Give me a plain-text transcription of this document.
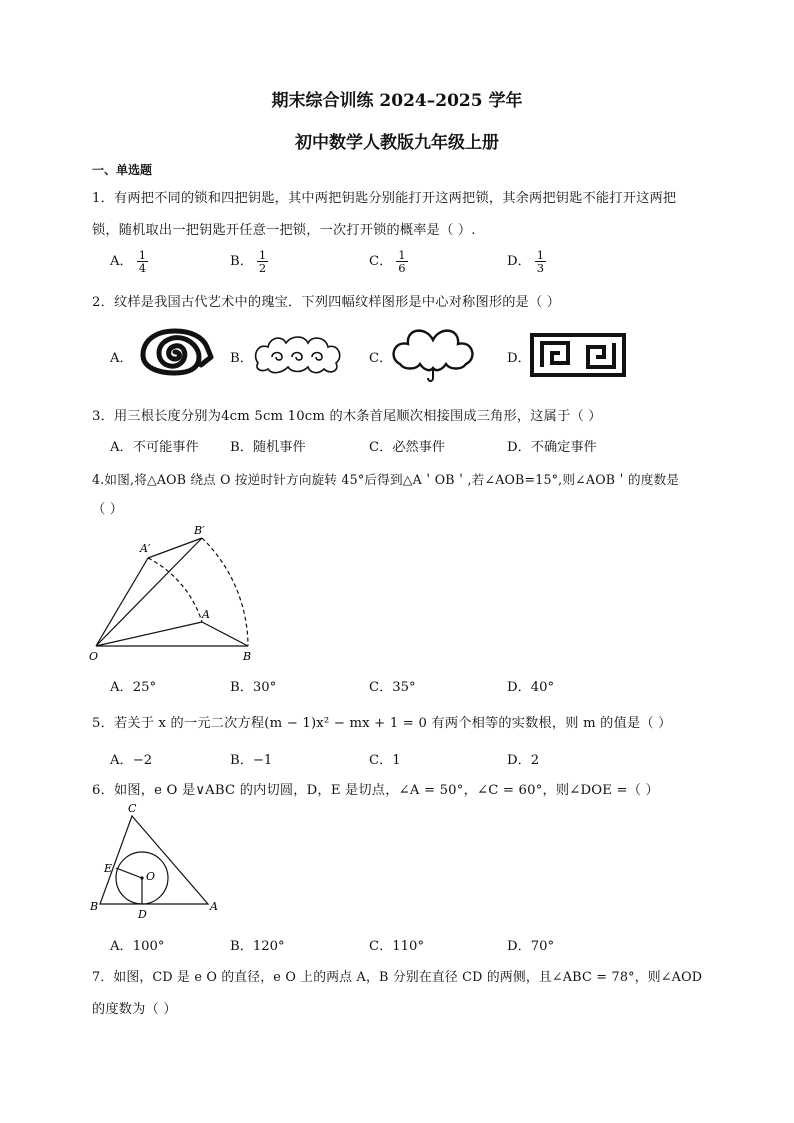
期末综合训练 2024–2025 学年
初中数学人教版九年级上册
一、单选题
1．有两把不同的锁和四把钥匙，其中两把钥匙分别能打开这两把锁，其余两把钥匙不能打开这两把
锁，随机取出一把钥匙开任意一把锁，一次打开锁的概率是（ ）.
A． $\frac{1}{4}$	B． $\frac{1}{2}$	C． $\frac{1}{6}$	D． $\frac{1}{3}$
2．纹样是我国古代艺术中的瑰宝．下列四幅纹样图形是中心对称图形的是（ ）
A．	B．	C．	D．
3．用三根长度分别为4cm 5cm 10cm 的木条首尾顺次相接围成三角形，这属于（ ）
A．不可能事件 B．随机事件	C．必然事件	D．不确定事件
4.如图,将△AOB 绕点 O 按逆时针方向旋转 45°后得到△A＇OB＇,若∠AOB=15°,则∠AOB＇的度数是
（ ）
A′
B′
A
O	B
A．25°	B．30°	C．35°	D．40°
5．若关于 x 的一元二次方程(m − 1)x² − mx + 1 = 0 有两个相等的实数根，则 m 的值是（ ）
A．−2	B．−1	C．1	D．2
6．如图，e O 是∨ABC 的内切圆，D，E 是切点，∠A = 50°，∠C = 60°，则∠DOE =（ ）
C
E
O
B
D
A
A．100°	B．120°	C．110°	D．70°
7．如图，CD 是 e O 的直径，e O 上的两点 A，B 分别在直径 CD 的两侧，且∠ABC = 78°，则∠AOD
的度数为（ ）
